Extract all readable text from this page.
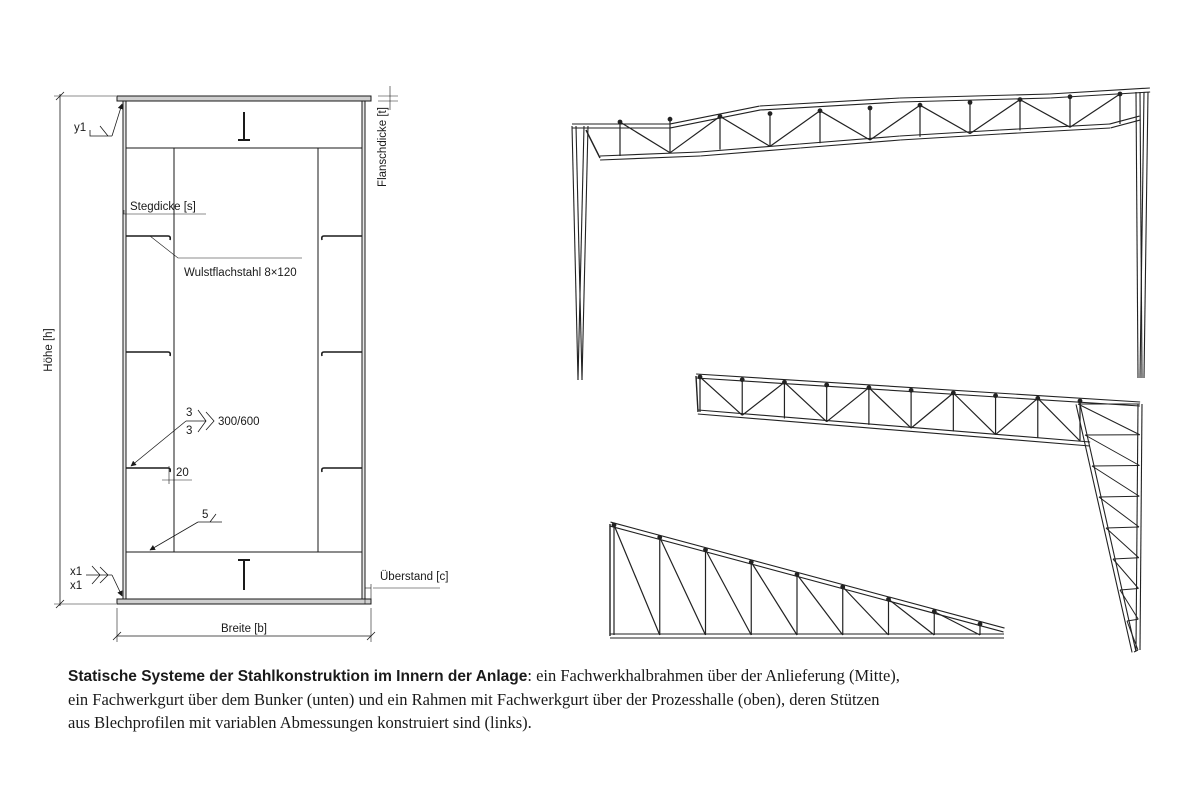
Höhe [h]
Flanschdicke [t]
Stegdicke [s]
Wulstflachstahl 8×120
3
3
300/600
20
5
y1
x1
x1
Überstand [c]
Breite [b]
Statische Systeme der Stahlkonstruktion im Innern der Anlage: ein Fachwerkhalbrahmen über der Anlieferung (Mitte),
ein Fachwerkgurt über dem Bunker (unten) und ein Rahmen mit Fachwerkgurt über der Prozesshalle (oben), deren Stützen
aus Blechprofilen mit variablen Abmessungen konstruiert sind (links).
